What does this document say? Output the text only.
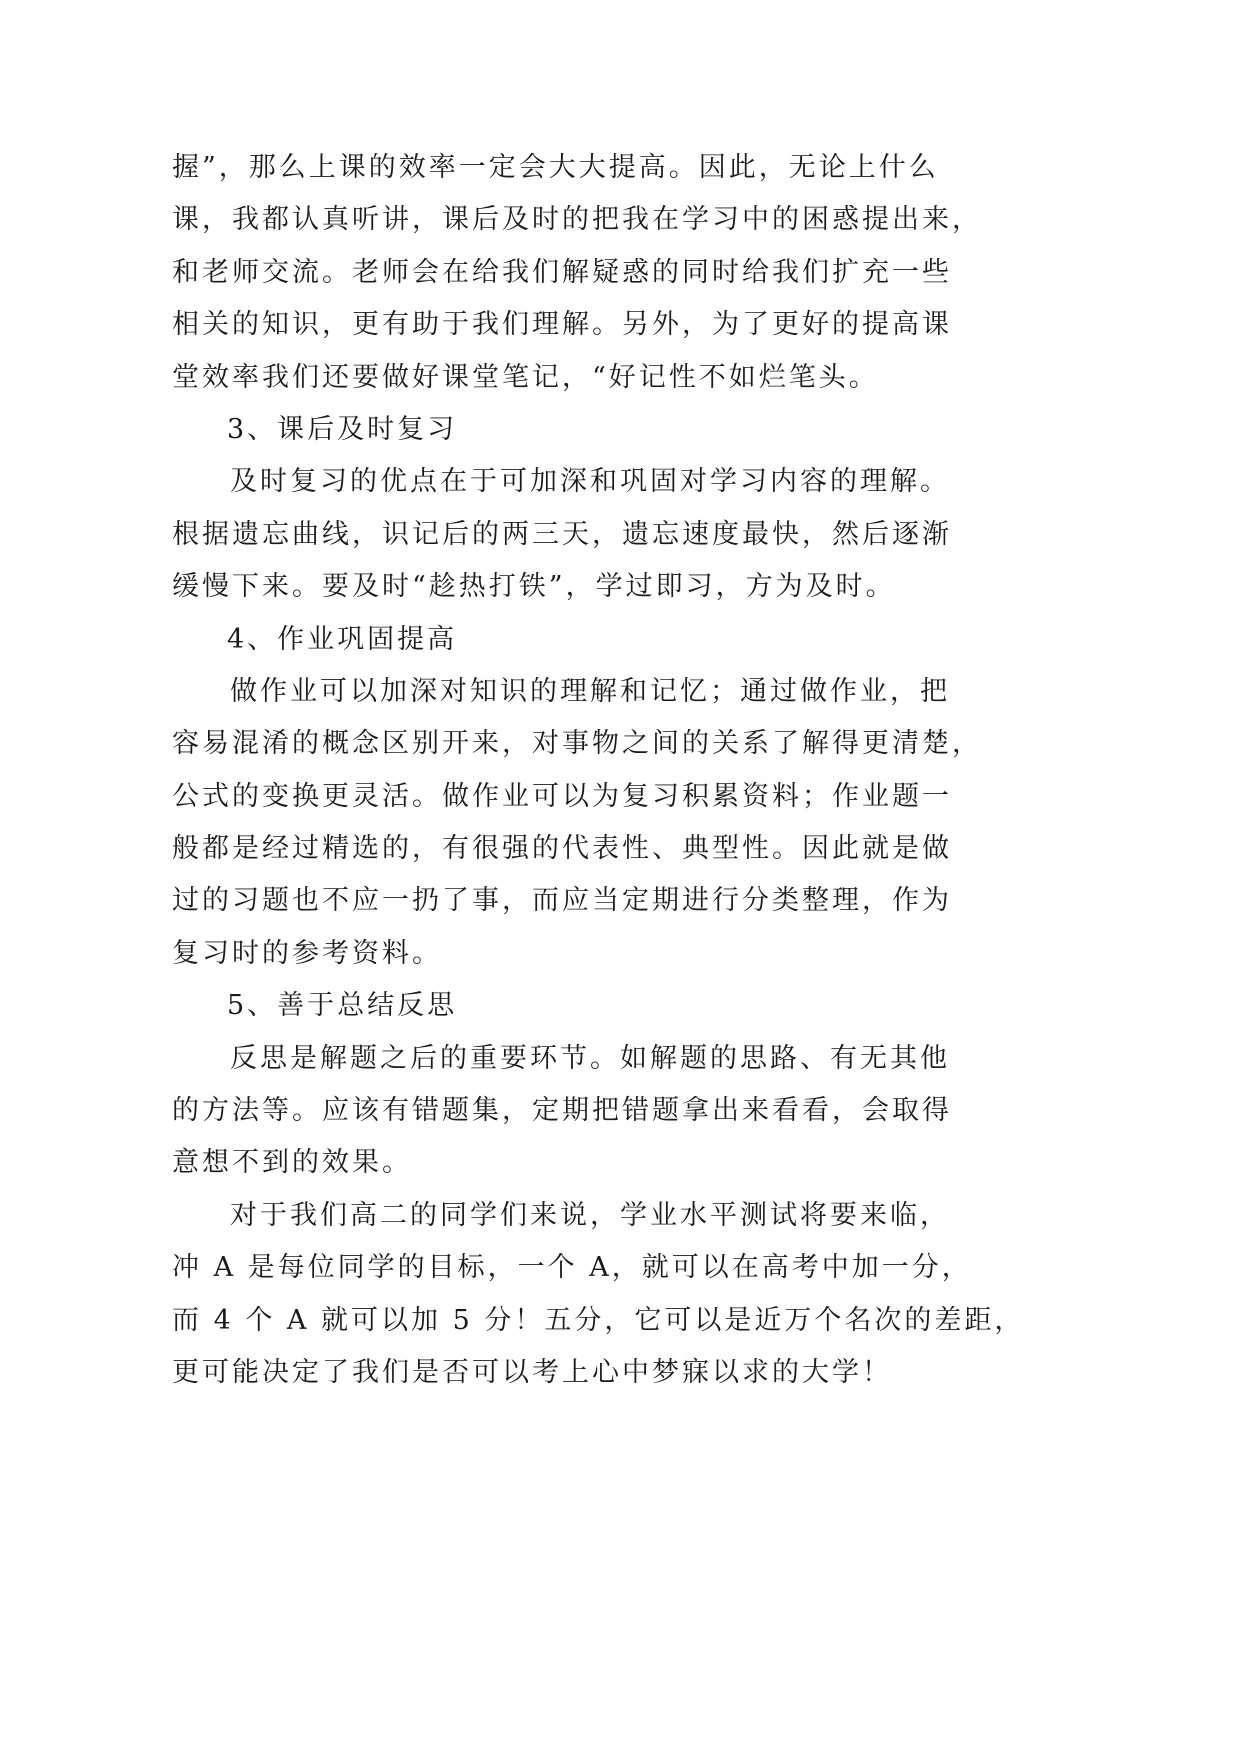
握”，那么上课的效率一定会大大提高。因此，无论上什么
课，我都认真听讲，课后及时的把我在学习中的困惑提出来，
和老师交流。老师会在给我们解疑惑的同时给我们扩充一些
相关的知识，更有助于我们理解。另外，为了更好的提高课
堂效率我们还要做好课堂笔记，“好记性不如烂笔头。
3、课后及时复习
及时复习的优点在于可加深和巩固对学习内容的理解。
根据遗忘曲线，识记后的两三天，遗忘速度最快，然后逐渐
缓慢下来。要及时“趁热打铁”，学过即习，方为及时。
4、作业巩固提高
做作业可以加深对知识的理解和记忆；通过做作业，把
容易混淆的概念区别开来，对事物之间的关系了解得更清楚，
公式的变换更灵活。做作业可以为复习积累资料；作业题一
般都是经过精选的，有很强的代表性、典型性。因此就是做
过的习题也不应一扔了事，而应当定期进行分类整理，作为
复习时的参考资料。
5、善于总结反思
反思是解题之后的重要环节。如解题的思路、有无其他
的方法等。应该有错题集，定期把错题拿出来看看，会取得
意想不到的效果。
对于我们高二的同学们来说，学业水平测试将要来临，
冲 A 是每位同学的目标，一个 A，就可以在高考中加一分，
而 4 个 A 就可以加 5 分！五分，它可以是近万个名次的差距，
更可能决定了我们是否可以考上心中梦寐以求的大学！
